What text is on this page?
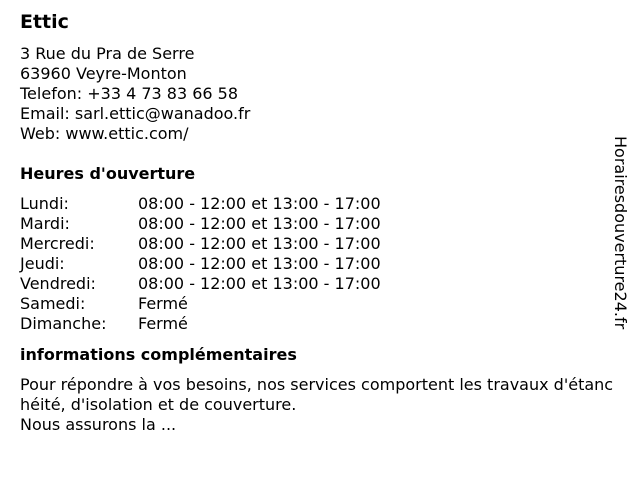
Ettic
3 Rue du Pra de Serre
63960 Veyre-Monton
Telefon: +33 4 73 83 66 58
Email: sarl.ettic@wanadoo.fr
Web: www.ettic.com/
Heures d'ouverture
Lundi:	08:00 - 12:00 et 13:00 - 17:00
Mardi:	08:00 - 12:00 et 13:00 - 17:00
Mercredi:	08:00 - 12:00 et 13:00 - 17:00
Jeudi:	08:00 - 12:00 et 13:00 - 17:00
Vendredi:	08:00 - 12:00 et 13:00 - 17:00
Samedi:	Fermé
Dimanche:	Fermé
informations complémentaires

Pour répondre à vos besoins, nos services comportent les travaux d'étanchéité, d'isolation et de couverture.

Nous assurons la ...
Horairesdouverture24.fr
